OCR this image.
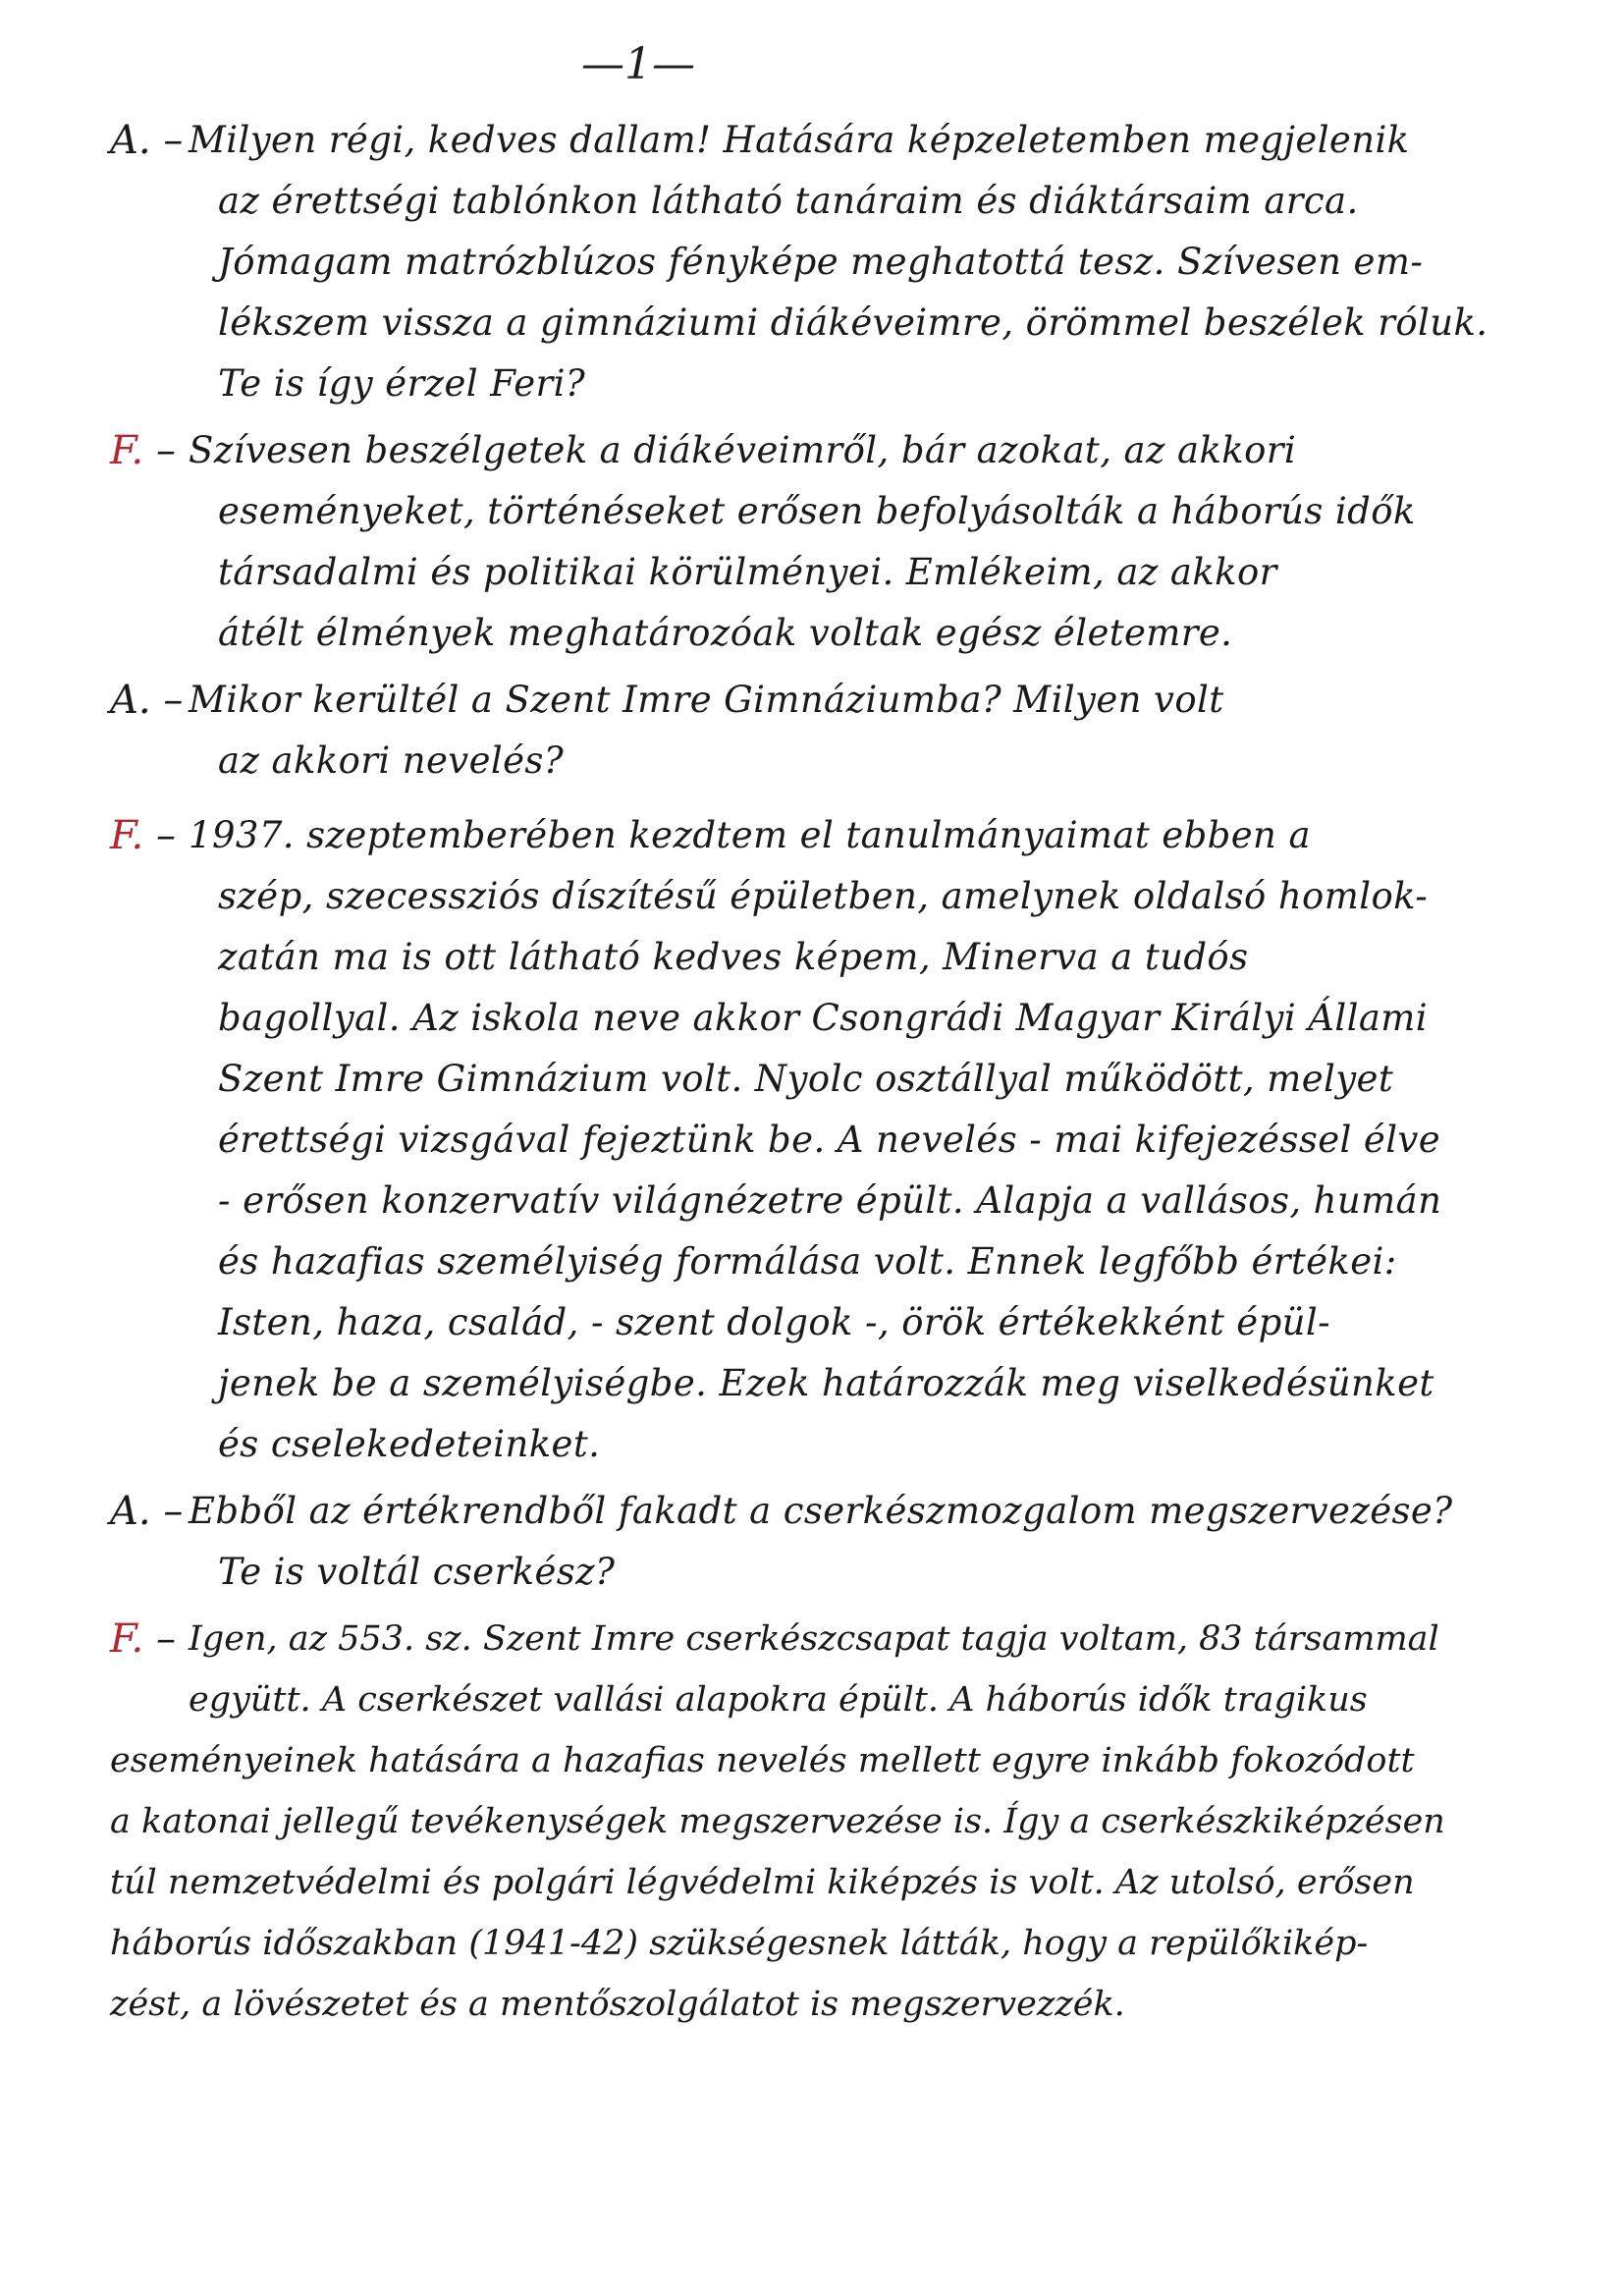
—1—
A. – Milyen régi, kedves dallam! Hatására képzeletemben megjelenik
az érettségi tablónkon látható tanáraim és diáktársaim arca.
Jómagam matrózblúzos fényképe meghatottá tesz. Szívesen em-
lékszem vissza a gimnáziumi diákéveimre, örömmel beszélek róluk.
Te is így érzel Feri?
F. – Szívesen beszélgetek a diákéveimről, bár azokat, az akkori
eseményeket, történéseket erősen befolyásolták a háborús idők
társadalmi és politikai körülményei. Emlékeim, az akkor
átélt élmények meghatározóak voltak egész életemre.
A. – Mikor kerültél a Szent Imre Gimnáziumba? Milyen volt
az akkori nevelés?
F. – 1937. szeptemberében kezdtem el tanulmányaimat ebben a
szép, szecessziós díszítésű épületben, amelynek oldalsó homlok-
zatán ma is ott látható kedves képem, Minerva a tudós
bagollyal. Az iskola neve akkor Csongrádi Magyar Királyi Állami
Szent Imre Gimnázium volt. Nyolc osztállyal működött, melyet
érettségi vizsgával fejeztünk be. A nevelés - mai kifejezéssel élve
- erősen konzervatív világnézetre épült. Alapja a vallásos, humán
és hazafias személyiség formálása volt. Ennek legfőbb értékei:
Isten, haza, család, - szent dolgok -, örök értékekként épül-
jenek be a személyiségbe. Ezek határozzák meg viselkedésünket
és cselekedeteinket.
A. – Ebből az értékrendből fakadt a cserkészmozgalom megszervezése?
Te is voltál cserkész?
F. – Igen, az 553. sz. Szent Imre cserkészcsapat tagja voltam, 83 társammal
együtt. A cserkészet vallási alapokra épült. A háborús idők tragikus
eseményeinek hatására a hazafias nevelés mellett egyre inkább fokozódott
a katonai jellegű tevékenységek megszervezése is. Így a cserkészkiképzésen
túl nemzetvédelmi és polgári légvédelmi kiképzés is volt. Az utolsó, erősen
háborús időszakban (1941-42) szükségesnek látták, hogy a repülőkikép-
zést, a lövészetet és a mentőszolgálatot is megszervezzék.
